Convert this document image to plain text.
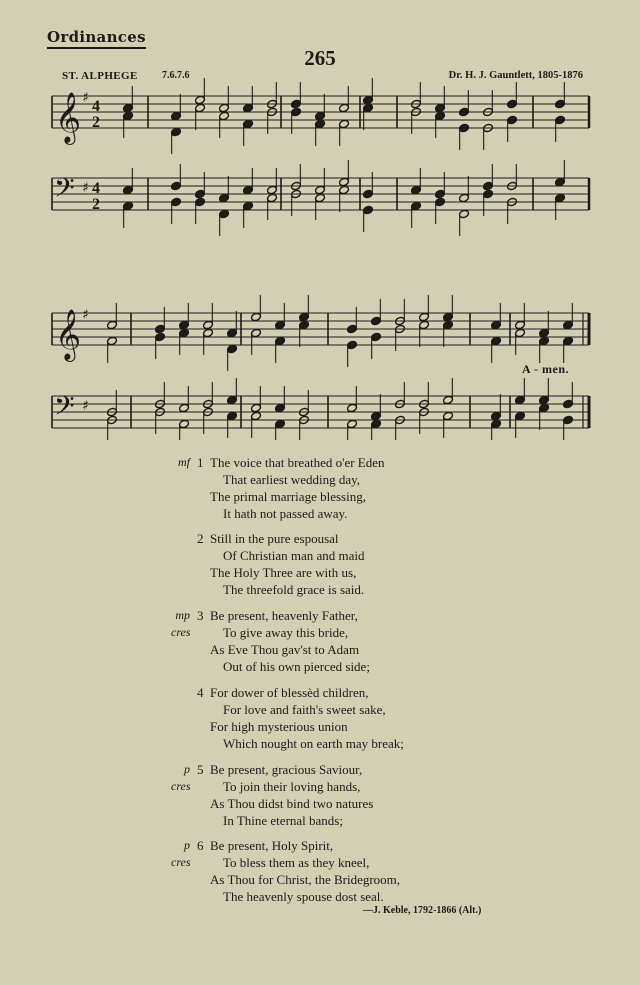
Ordinances
265
ST. ALPHEGE 7.6.7.6	Dr. H. J. Gauntlett, 1805-1876
𝄞
𝄢
♯
♯
4
2
4
2
𝄞
𝄢
♯
♯
A - men.
mf 1 The voice that breathed o'er Eden
That earliest wedding day,
The primal marriage blessing,
It hath not passed away.
2 Still in the pure espousal
Of Christian man and maid
The Holy Three are with us,
The threefold grace is said.
mp
cres
3 Be present, heavenly Father,
To give away this bride,
As Eve Thou gav'st to Adam
Out of his own pierced side;
4 For dower of blessèd children,
For love and faith's sweet sake,
For high mysterious union
Which nought on earth may break;
p
cres
5 Be present, gracious Saviour,
To join their loving hands,
As Thou didst bind two natures
In Thine eternal bands;
p
cres
6 Be present, Holy Spirit,
To bless them as they kneel,
As Thou for Christ, the Bridegroom,
The heavenly spouse dost seal.
—J. Keble, 1792-1866 (Alt.)
